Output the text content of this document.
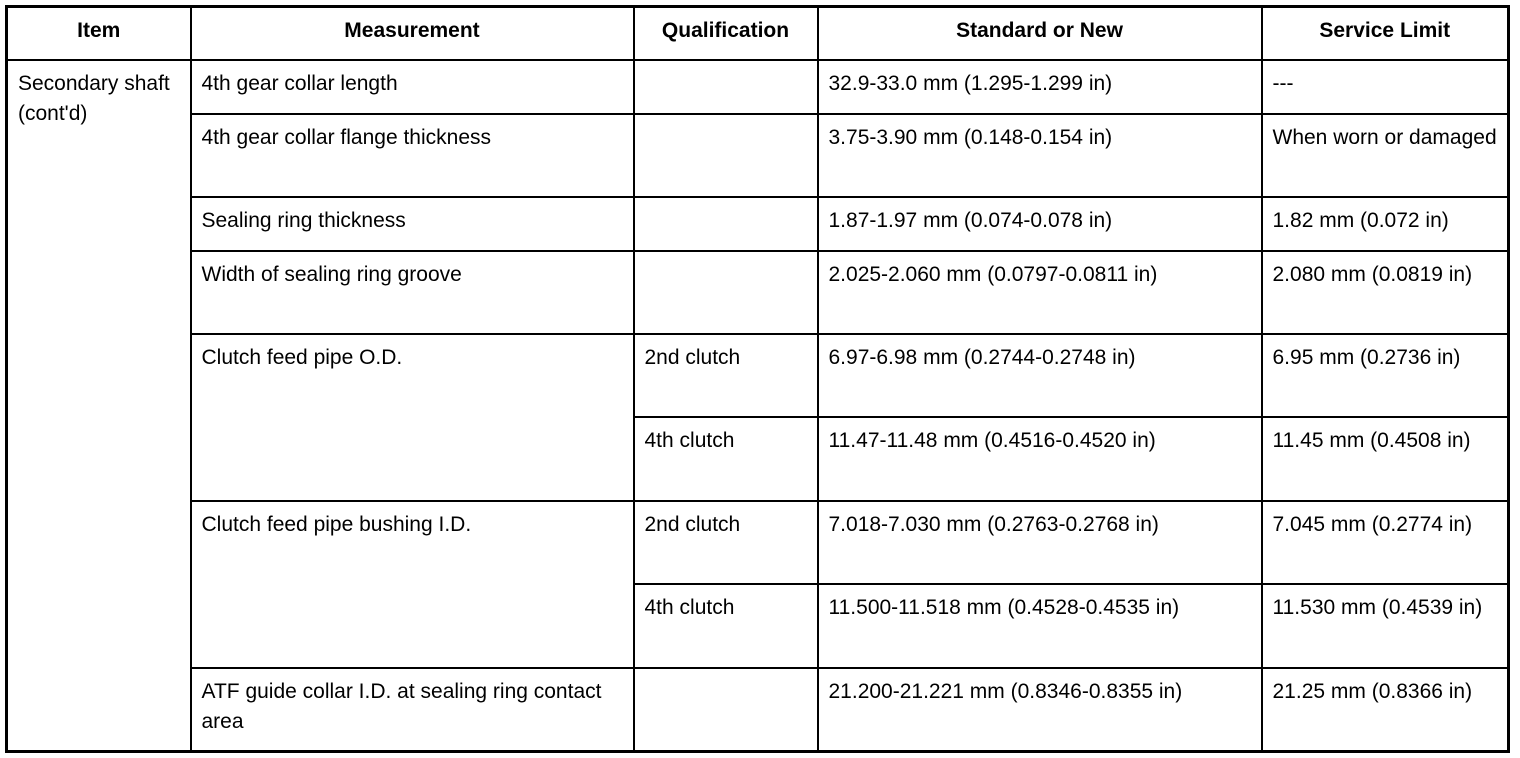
Item	Measurement	Qualification	Standard or New	Service Limit
Secondary shaft (cont'd)	4th gear collar length		32.9-33.0 mm (1.295-1.299 in)	---
	4th gear collar flange thickness		3.75-3.90 mm (0.148-0.154 in)	When worn or damaged
	Sealing ring thickness		1.87-1.97 mm (0.074-0.078 in)	1.82 mm (0.072 in)
	Width of sealing ring groove		2.025-2.060 mm (0.0797-0.0811 in)	2.080 mm (0.0819 in)
	Clutch feed pipe O.D.	2nd clutch	6.97-6.98 mm (0.2744-0.2748 in)	6.95 mm (0.2736 in)
		4th clutch	11.47-11.48 mm (0.4516-0.4520 in)	11.45 mm (0.4508 in)
	Clutch feed pipe bushing I.D.	2nd clutch	7.018-7.030 mm (0.2763-0.2768 in)	7.045 mm (0.2774 in)
		4th clutch	11.500-11.518 mm (0.4528-0.4535 in)	11.530 mm (0.4539 in)
	ATF guide collar I.D. at sealing ring contact area		21.200-21.221 mm (0.8346-0.8355 in)	21.25 mm (0.8366 in)
